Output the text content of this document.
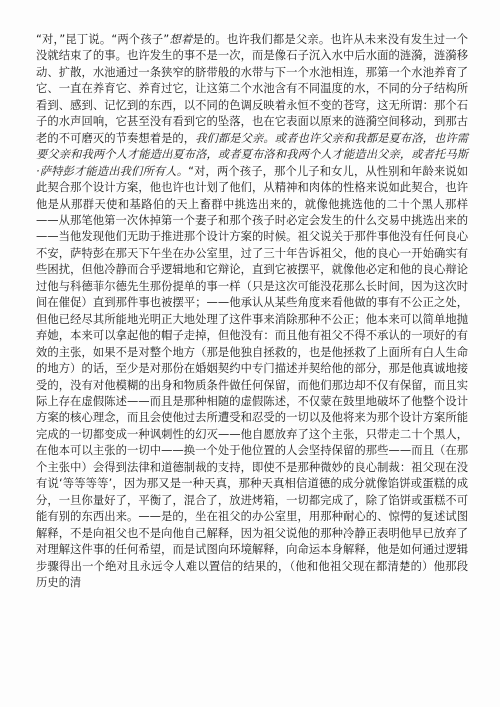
“对，”昆丁说。“两个孩子”想着是的。也许我们都是父亲。也许从未来没有发生过一个没就结束了的事。也许发生的事不是一次，而是像石子沉入水中后水面的涟漪，涟漪移动、扩散，水池通过一条狭窄的脐带般的水带与下一个水池相连，那第一个水池养育了它、一直在养育它、养育过它，让这第二个水池含有不同温度的水，不同的分子结构所看到、感到、记忆到的东西，以不同的色调反映着永恒不变的苍穹，这无所谓：那个石子的水声回响，它甚至没有看到它的坠落，也在它表面以原来的涟漪空间移动，到那古老的不可磨灭的节奏想着是的，我们都是父亲。或者也许父亲和我都是夏布洛，也许需要父亲和我两个人才能造出夏布洛，或者夏布洛和我两个人才能造出父亲，或者托马斯·萨特彭才能造出我们所有人。“对，两个孩子，那个儿子和女儿，从性别和年龄来说如此契合那个设计方案，他也许也计划了他们，从精神和肉体的性格来说如此契合，也许他是从那群天使和基路伯的天上畜群中挑选出来的，就像他挑选他的二十个黑人那样——从那笔他第一次休掉第一个妻子和那个孩子时必定会发生的什么交易中挑选出来的——当他发现他们无助于推进那个设计方案的时候。祖父说关于那件事他没有任何良心不安，萨特彭在那天下午坐在办公室里，过了三十年告诉祖父，他的良心一开始确实有些困扰，但他冷静而合乎逻辑地和它辩论，直到它被摆平，就像他必定和他的良心辩论过他与科德菲尔德先生那份提单的事一样（只是这次可能没花那么长时间，因为这次时间在催促）直到那件事也被摆平；——他承认从某些角度来看他做的事有不公正之处，但他已经尽其所能地光明正大地处理了这件事来消除那种不公正；他本来可以简单地抛弃她，本来可以拿起他的帽子走掉，但他没有：而且他有祖父不得不承认的一项好的有效的主张，如果不是对整个地方（那是他独自拯救的，也是他拯救了上面所有白人生命的地方）的话，至少是对那份在婚姻契约中专门描述并契给他的部分，那是他真诚地接受的，没有对他模糊的出身和物质条件做任何保留，而他们那边却不仅有保留，而且实际上存在虚假陈述——而且是那种相随的虚假陈述，不仅蒙在鼓里地破坏了他整个设计方案的核心理念，而且会使他过去所遭受和忍受的一切以及他将来为那个设计方案所能完成的一切都变成一种讽刺性的幻灭——他自愿放弃了这个主张，只带走二十个黑人，在他本可以主张的一切中——换一个处于他位置的人会坚持保留的那些——而且（在那个主张中）会得到法律和道德制裁的支持，即使不是那种微妙的良心制裁：祖父现在没有说‘等等等等’，因为那又是一种天真，那种天真相信道德的成分就像馅饼或蛋糕的成分，一旦你量好了，平衡了，混合了，放进烤箱，一切都完成了，除了馅饼或蛋糕不可能有别的东西出来。——是的，坐在祖父的办公室里，用那种耐心的、惊愕的复述试图解释，不是向祖父也不是向他自己解释，因为祖父说他的那种冷静正表明他早已放弃了对理解这件事的任何希望，而是试图向环境解释，向命运本身解释，他是如何通过逻辑步骤得出一个绝对且永远令人难以置信的结果的，（他和他祖父现在都清楚的）他那段历史的清
